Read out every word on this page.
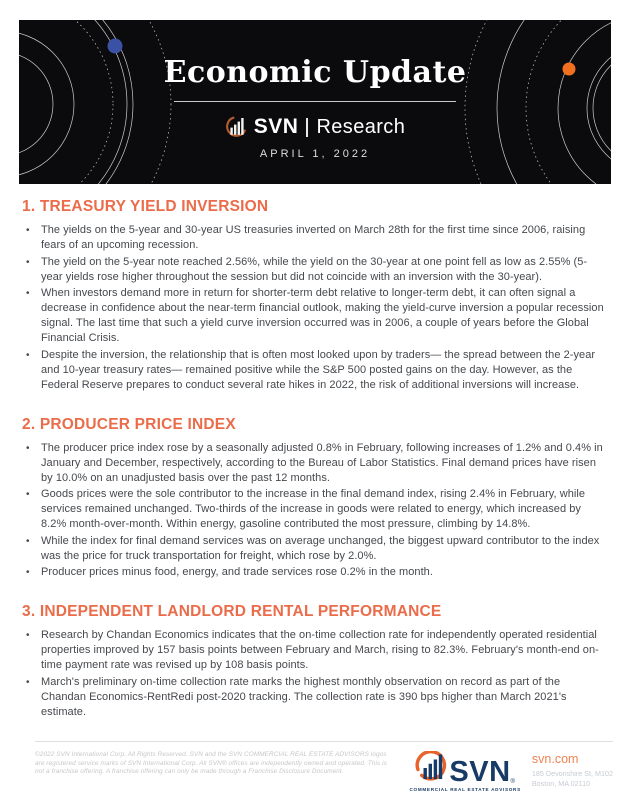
Economic Update
SVN Research
APRIL 1, 2022
1. TREASURY YIELD INVERSION
•	The yields on the 5-year and 30-year US treasuries inverted on March 28th for the first time since 2006, raising fears of an upcoming recession.
•	The yield on the 5-year note reached 2.56%, while the yield on the 30-year at one point fell as low as 2.55% (5-year yields rose higher throughout the session but did not coincide with an inversion with the 30-year).
•	When investors demand more in return for shorter-term debt relative to longer-term debt, it can often signal a decrease in confidence about the near-term financial outlook, making the yield-curve inversion a popular recession signal. The last time that such a yield curve inversion occurred was in 2006, a couple of years before the Global Financial Crisis.
•	Despite the inversion, the relationship that is often most looked upon by traders— the spread between the 2-year and 10-year treasury rates— remained positive while the S&P 500 posted gains on the day. However, as the Federal Reserve prepares to conduct several rate hikes in 2022, the risk of additional inversions will increase.
2. PRODUCER PRICE INDEX
•	The producer price index rose by a seasonally adjusted 0.8% in February, following increases of 1.2% and 0.4% in January and December, respectively, according to the Bureau of Labor Statistics. Final demand prices have risen by 10.0% on an unadjusted basis over the past 12 months.
•	Goods prices were the sole contributor to the increase in the final demand index, rising 2.4% in February, while services remained unchanged. Two-thirds of the increase in goods were related to energy, which increased by 8.2% month-over-month. Within energy, gasoline contributed the most pressure, climbing by 14.8%.
•	While the index for final demand services was on average unchanged, the biggest upward contributor to the index was the price for truck transportation for freight, which rose by 2.0%.
•	Producer prices minus food, energy, and trade services rose 0.2% in the month.
3. INDEPENDENT LANDLORD RENTAL PERFORMANCE
•	Research by Chandan Economics indicates that the on-time collection rate for independently operated residential properties improved by 157 basis points between February and March, rising to 82.3%. February's month-end on-time payment rate was revised up by 108 basis points.
•	March's preliminary on-time collection rate marks the highest monthly observation on record as part of the Chandan Economics-RentRedi post-2020 tracking. The collection rate is 390 bps higher than March 2021's estimate.

©2022 SVN International Corp. All Rights Reserved. SVN and the SVN COMMERCIAL REAL ESTATE ADVISORS logos are registered service marks of SVN International Corp. All SVN® offices are independently owned and operated. This is not a franchise offering. A franchise offering can only be made through a Franchise Disclosure Document.	$SVN_®$
COMMERCIAL REAL ESTATE ADVISORS
svn.com
185 Devonshire St, M102
Boston, MA 02110
